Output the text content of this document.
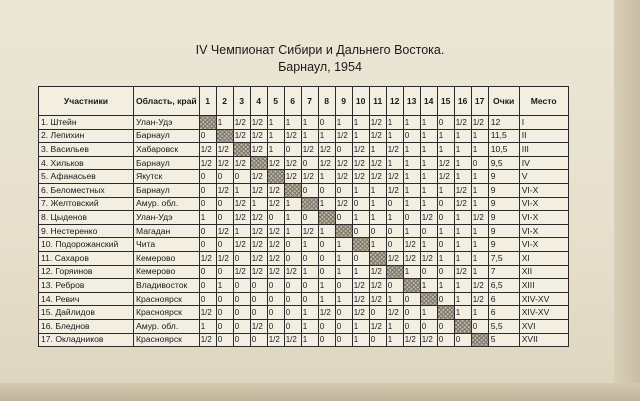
IV Чемпионат Сибири и Дальнего Востока.
Барнаул, 1954
Участники	Область, край	1	2	3	4	5	6	7	8	9	10	11	12	13	14	15	16	17	Очки	Место
1. Штейн	Улан-Удэ		1	1/2	1/2	1	1	1	0	1	1	1/2	1	1	1	0	1/2	1/2	12	I
2. Лепихин	Барнаул	0		1/2	1/2	1	1/2	1	1	1/2	1	1/2	1	0	1	1	1	1	11,5	II
3. Васильев	Хабаровск	1/2	1/2		1/2	1	0	1/2	1/2	0	1/2	1	1/2	1	1	1	1	1	10,5	III
4. Хилькoв	Барнаул	1/2	1/2	1/2		1/2	1/2	0	1/2	1/2	1/2	1/2	1	1	1	1/2	1	0	9,5	IV
5. Афанасьев	Якутск	0	0	0	1/2		1/2	1/2	1	1/2	1/2	1/2	1/2	1	1	1/2	1	1	9	V
6. Беломестных	Барнаул	0	1/2	1	1/2	1/2		0	0	0	1	1	1/2	1	1	1	1/2	1	9	VI-X
7. Желтовский	Амур. обл.	0	0	1/2	1	1/2	1		1	1/2	0	1	0	1	1	0	1/2	1	9	VI-X
8. Цыденов	Улан-Удэ	1	0	1/2	1/2	0	1	0		0	1	1	1	0	1/2	0	1	1/2	9	VI-X
9. Нестеренко	Магадан	0	1/2	1	1/2	1/2	1	1/2	1		0	0	0	1	0	1	1	1	9	VI-X
10. Подорожанский	Чита	0	0	1/2	1/2	1/2	0	1	0	1		1	0	1/2	1	0	1	1	9	VI-X
11. Сахаров	Кемерово	1/2	1/2	0	1/2	1/2	0	0	0	1	0		1/2	1/2	1/2	1	1	1	7,5	XI
12. Горяинов	Кемерово	0	0	1/2	1/2	1/2	1/2	1	0	1	1	1/2		1	0	0	1/2	1	7	XII
13. Ребров	Владивосток	0	1	0	0	0	0	0	1	0	1/2	1/2	0		1	1	1	1/2	6,5	XIII
14. Ревич	Красноярск	0	0	0	0	0	0	0	1	1	1/2	1/2	1	0		0	1	1/2	6	XIV-XV
15. Дайлидов	Красноярск	1/2	0	0	0	0	0	1	1/2	0	1/2	0	1/2	0	1		1	1	6	XIV-XV
16. Бледнов	Амур. обл.	1	0	0	1/2	0	0	1	0	0	1	1/2	1	0	0	0		0	5,5	XVI
17. Окладников	Красноярск	1/2	0	0	0	1/2	1/2	1	0	0	1	0	1	1/2	1/2	0	0		5	XVII
